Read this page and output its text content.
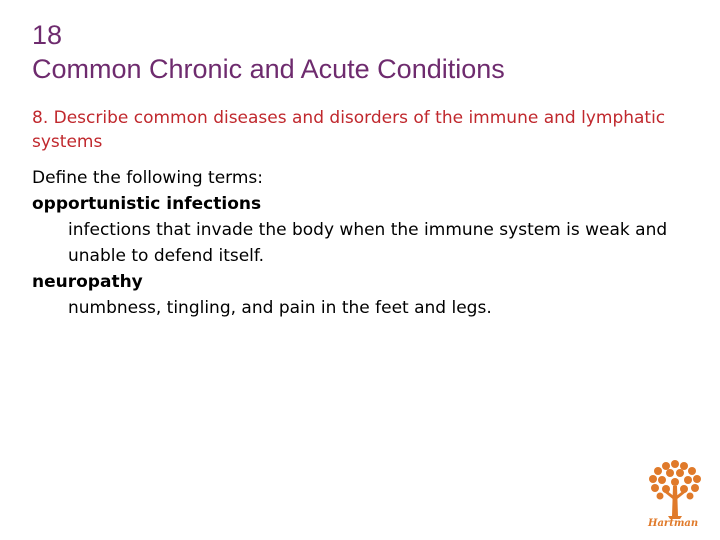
18
Common Chronic and Acute Conditions
8. Describe common diseases and disorders of the immune and lymphatic systems
Define the following terms:
opportunistic infections
infections that invade the body when the immune system is weak and unable to defend itself.
neuropathy
numbness, tingling, and pain in the feet and legs.
Hartman
